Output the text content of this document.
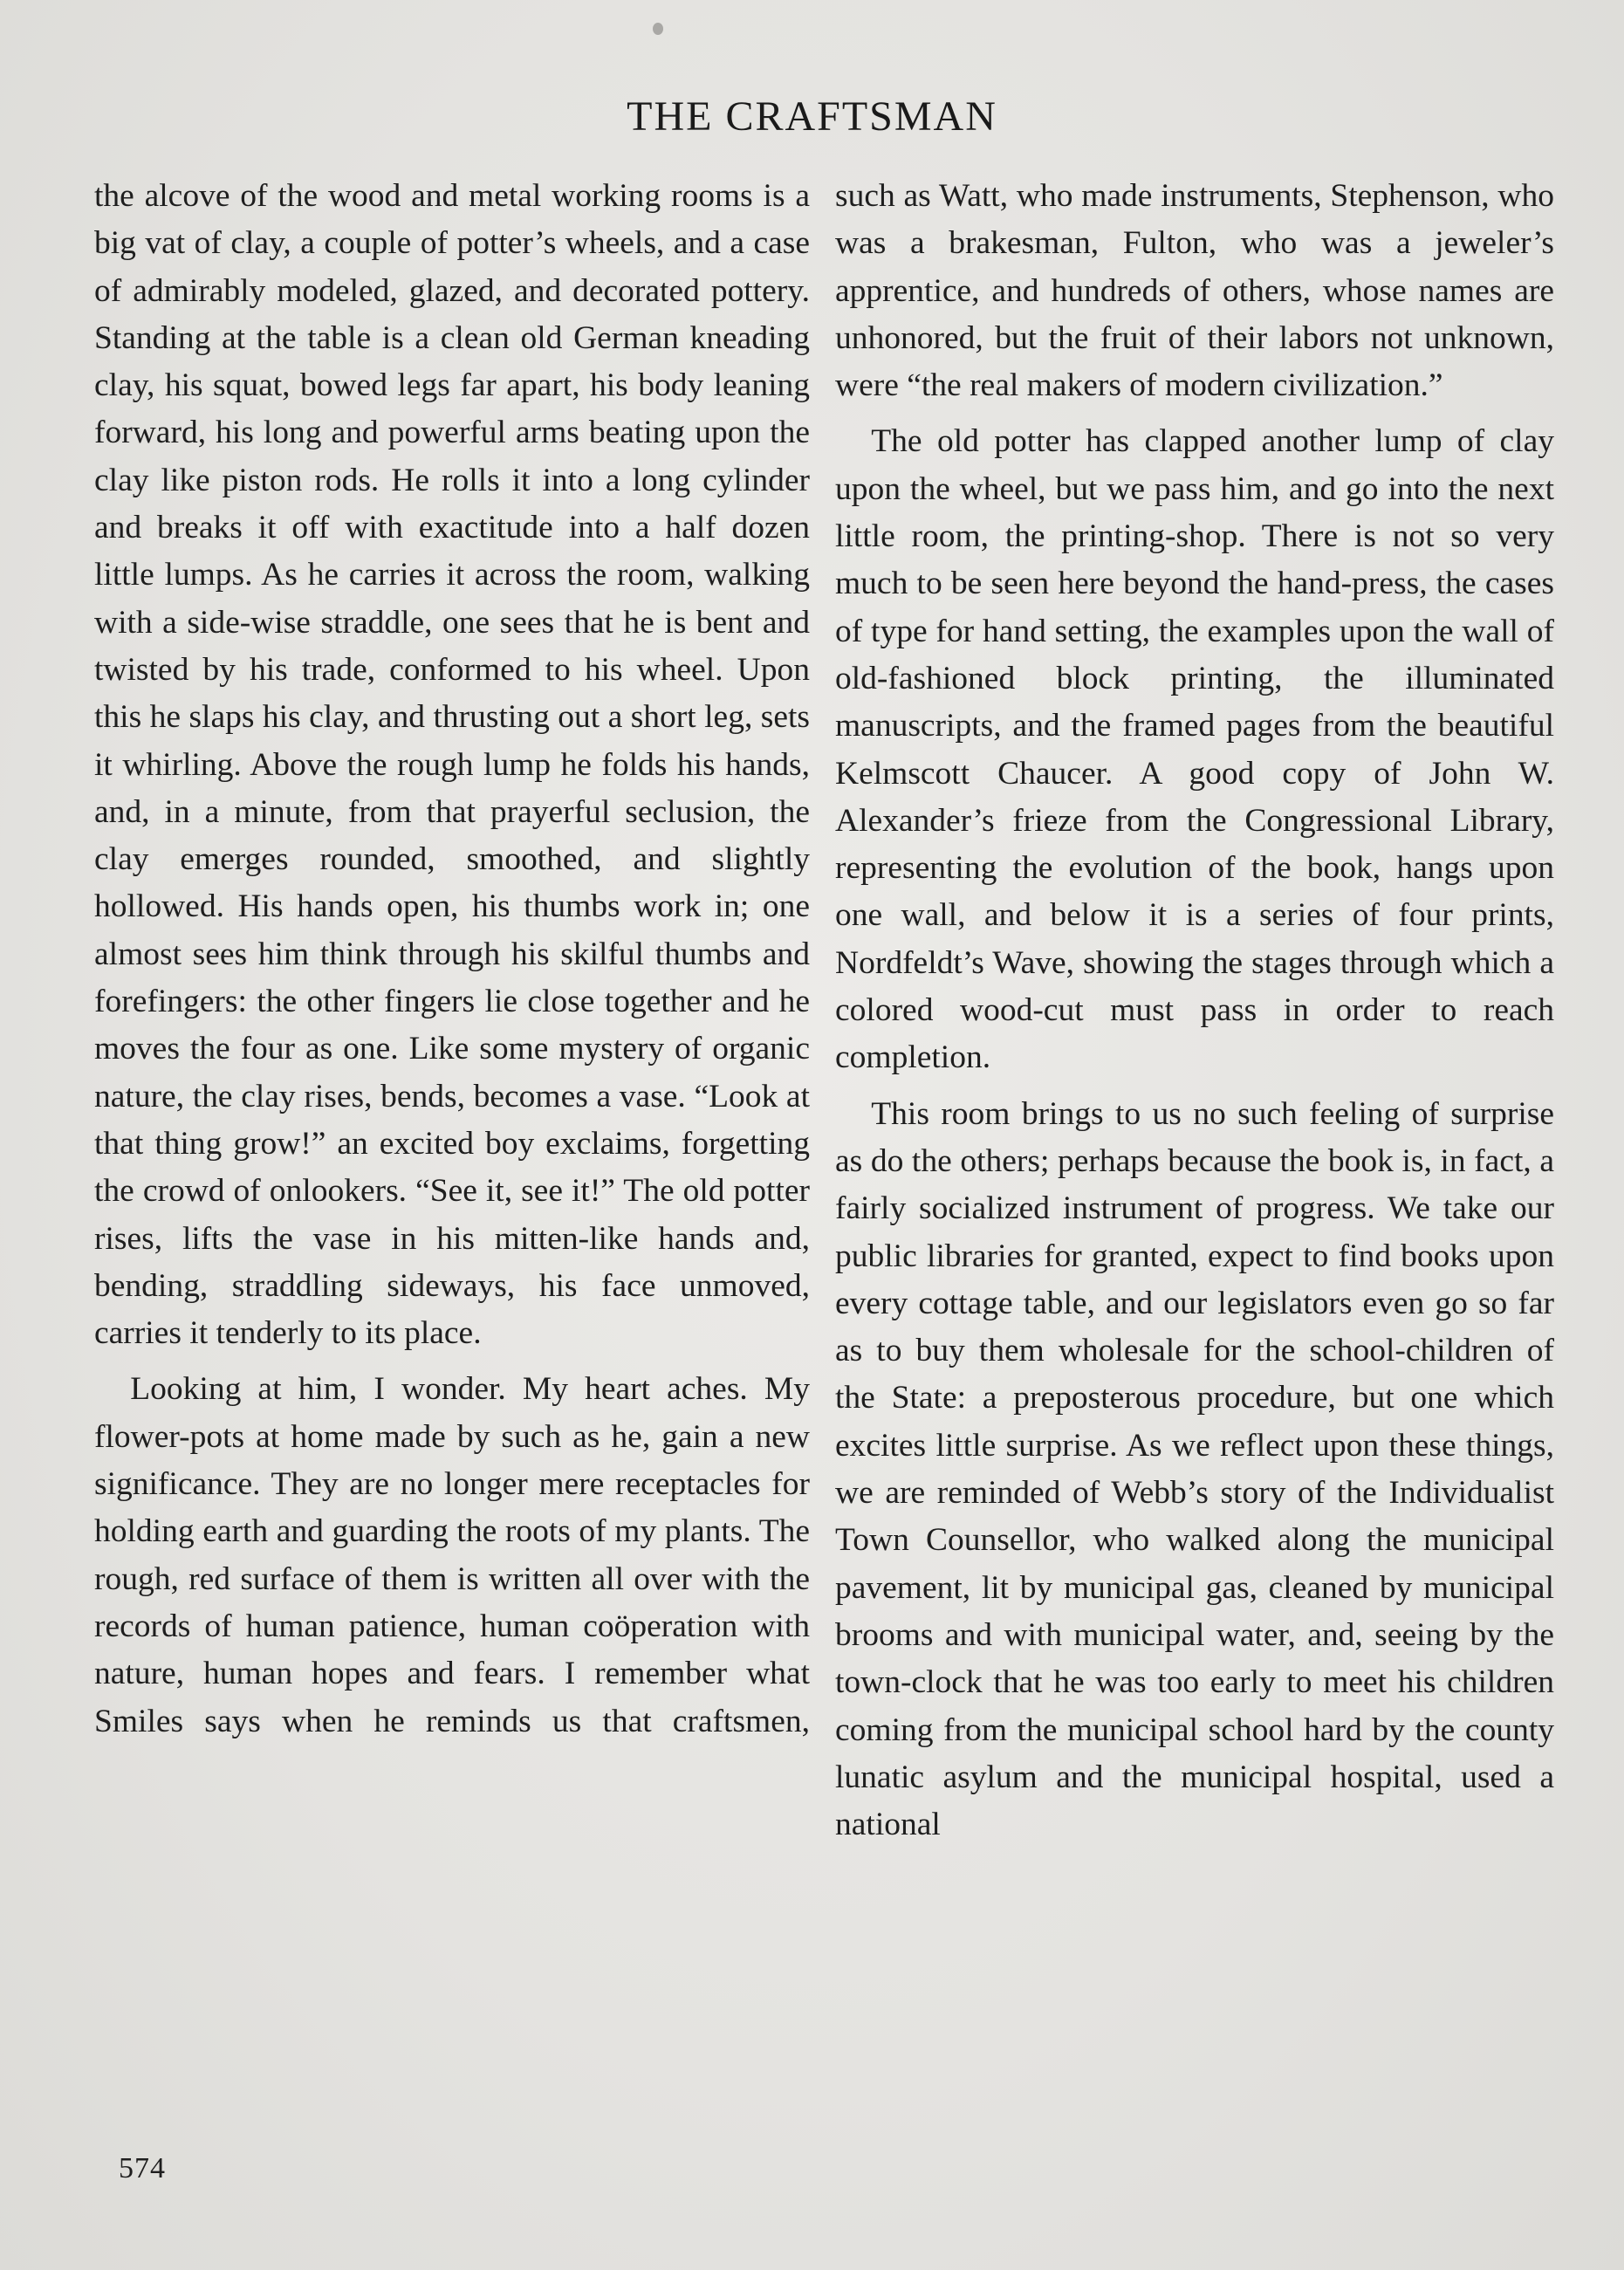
THE CRAFTSMAN

the alcove of the wood and metal working rooms is a big vat of clay, a couple of potter’s wheels, and a case of admirably modeled, glazed, and decorated pottery. Standing at the table is a clean old German kneading clay, his squat, bowed legs far apart, his body leaning forward, his long and powerful arms beating upon the clay like piston rods. He rolls it into a long cylinder and breaks it off with exactitude into a half dozen little lumps. As he carries it across the room, walking with a side-wise straddle, one sees that he is bent and twisted by his trade, conformed to his wheel. Upon this he slaps his clay, and thrusting out a short leg, sets it whirling. Above the rough lump he folds his hands, and, in a minute, from that prayerful seclusion, the clay emerges rounded, smoothed, and slightly hollowed. His hands open, his thumbs work in; one almost sees him think through his skilful thumbs and forefingers: the other fingers lie close together and he moves the four as one. Like some mystery of organic nature, the clay rises, bends, becomes a vase. “Look at that thing grow!” an excited boy exclaims, forgetting the crowd of onlookers. “See it, see it!” The old potter rises, lifts the vase in his mitten-like hands and, bending, straddling sideways, his face unmoved, carries it tenderly to its place.

Looking at him, I wonder. My heart aches. My flower-pots at home made by such as he, gain a new significance. They are no longer mere receptacles for holding earth and guarding the roots of my plants. The rough, red surface of them is written all over with the records of human patience, human coöperation with nature, human hopes and fears. I remember what Smiles says when he reminds us that craftsmen,

such as Watt, who made instruments, Stephenson, who was a brakesman, Fulton, who was a jeweler’s apprentice, and hundreds of others, whose names are unhonored, but the fruit of their labors not unknown, were “the real makers of modern civilization.”

The old potter has clapped another lump of clay upon the wheel, but we pass him, and go into the next little room, the printing-shop. There is not so very much to be seen here beyond the hand-press, the cases of type for hand setting, the examples upon the wall of old-fashioned block printing, the illuminated manuscripts, and the framed pages from the beautiful Kelmscott Chaucer. A good copy of John W. Alexander’s frieze from the Congressional Library, representing the evolution of the book, hangs upon one wall, and below it is a series of four prints, Nordfeldt’s Wave, showing the stages through which a colored wood-cut must pass in order to reach completion.

This room brings to us no such feeling of surprise as do the others; perhaps because the book is, in fact, a fairly socialized instrument of progress. We take our public libraries for granted, expect to find books upon every cottage table, and our legislators even go so far as to buy them wholesale for the school-children of the State: a preposterous procedure, but one which excites little surprise. As we reflect upon these things, we are reminded of Webb’s story of the Individualist Town Counsellor, who walked along the municipal pavement, lit by municipal gas, cleaned by municipal brooms and with municipal water, and, seeing by the town-clock that he was too early to meet his children coming from the municipal school hard by the county lunatic asylum and the municipal hospital, used a national

574
